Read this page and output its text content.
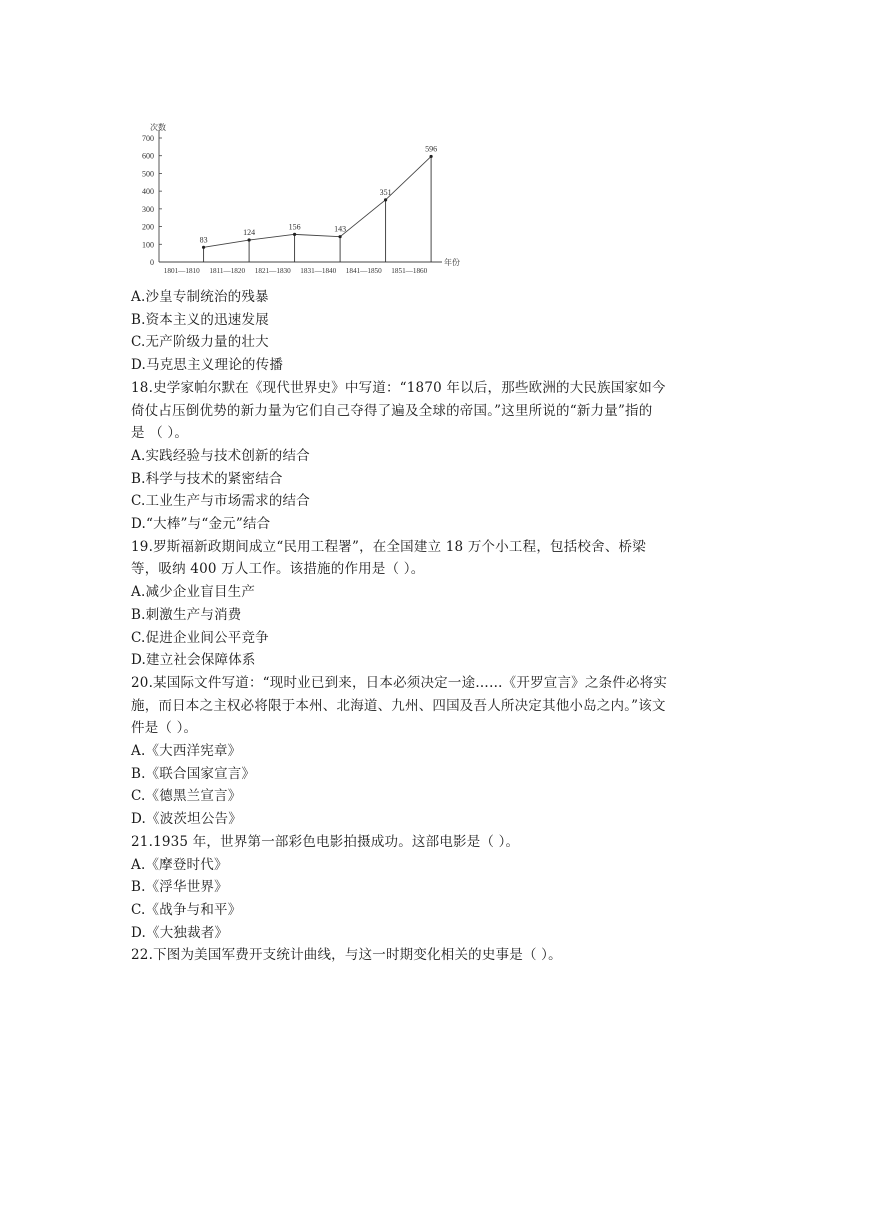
0
100
200
300
400
500
600
700
次数
年份
1801—1810 1811—1820 1821—1830 1831—1840 1841—1850 1851—1860
83
124
156	143
351
596
A.沙皇专制统治的残暴
B.资本主义的迅速发展
C.无产阶级力量的壮大
D.马克思主义理论的传播
18.史学家帕尔默在《现代世界史》中写道：“1870 年以后，那些欧洲的大民族国家如今
倚仗占压倒优势的新力量为它们自己夺得了遍及全球的帝国。”这里所说的“新力量”指的
是 （ ）。
A.实践经验与技术创新的结合
B.科学与技术的紧密结合
C.工业生产与市场需求的结合
D.“大棒”与“金元”结合
19.罗斯福新政期间成立“民用工程署”，在全国建立 18 万个小工程，包括校舍、桥梁
等，吸纳 400 万人工作。该措施的作用是（ ）。
A.减少企业盲目生产
B.刺激生产与消费
C.促进企业间公平竞争
D.建立社会保障体系
20.某国际文件写道：“现时业已到来，日本必须决定一途……《开罗宣言》之条件必将实
施，而日本之主权必将限于本州、北海道、九州、四国及吾人所决定其他小岛之内。”该文
件是（ ）。
A.《大西洋宪章》
B.《联合国家宣言》
C.《德黑兰宣言》
D.《波茨坦公告》
21.1935 年，世界第一部彩色电影拍摄成功。这部电影是（ ）。
A.《摩登时代》
B.《浮华世界》
C.《战争与和平》
D.《大独裁者》
22.下图为美国军费开支统计曲线，与这一时期变化相关的史事是（ ）。
